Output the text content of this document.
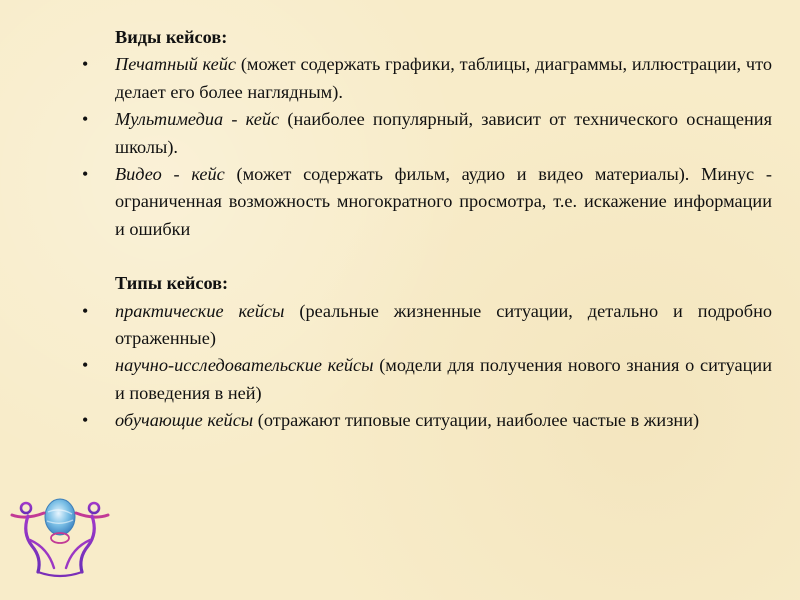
Виды кейсов:
• Печатный кейс (может содержать графики, таблицы, диаграммы, иллюстрации, что делает его более наглядным).
• Мультимедиа - кейс (наиболее популярный, зависит от технического оснащения школы).
• Видео - кейс (может содержать фильм, аудио и видео материалы). Минус - ограниченная возможность многократного просмотра, т.е. искажение информации и ошибки
Типы кейсов:
• практические кейсы (реальные жизненные ситуации, детально и подробно отраженные)
• научно-исследовательские кейсы (модели для получения нового знания о ситуации и поведения в ней)
• обучающие кейсы (отражают типовые ситуации, наиболее частые в жизни)
